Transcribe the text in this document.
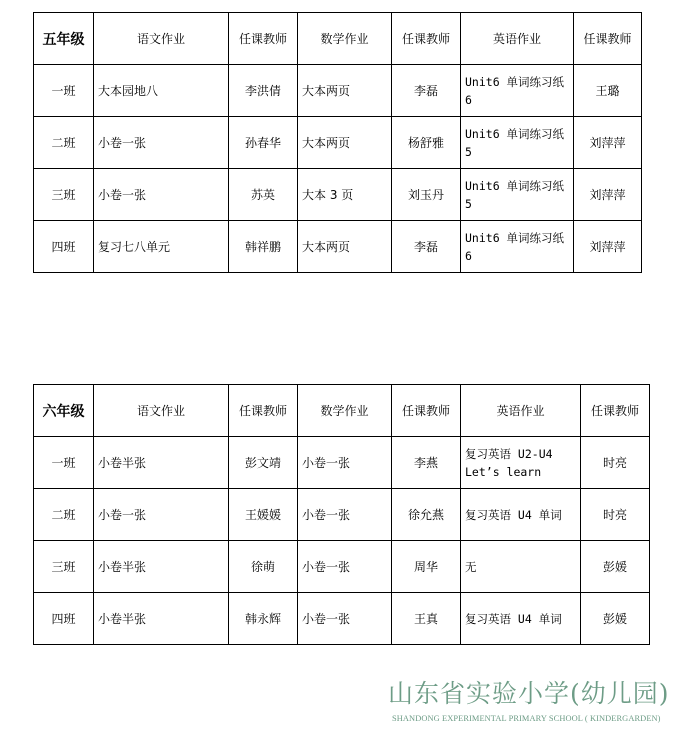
五年级	语文作业	任课教师	数学作业	任课教师	英语作业	任课教师
一班	大本园地八	李洪倩	大本两页	李磊	Unit6 单词练习纸 6	王璐
二班	小卷一张	孙春华	大本两页	杨舒雅	Unit6 单词练习纸 5	刘萍萍
三班	小卷一张	苏英	大本 3 页	刘玉丹	Unit6 单词练习纸 5	刘萍萍
四班	复习七八单元	韩祥鹏	大本两页	李磊	Unit6 单词练习纸 6	刘萍萍
六年级	语文作业	任课教师	数学作业	任课教师	英语作业	任课教师
一班	小卷半张	彭文靖	小卷一张	李燕	复习英语 U2-U4 Let’s learn	时亮
二班	小卷一张	王媛媛	小卷一张	徐允燕	复习英语 U4 单词	时亮
三班	小卷半张	徐萌	小卷一张	周华	无	彭媛
四班	小卷半张	韩永辉	小卷一张	王真	复习英语 U4 单词	彭媛
山东省实验小学(幼儿园)
SHANDONG EXPERIMENTAL PRIMARY SCHOOL ( KINDERGARDEN)
